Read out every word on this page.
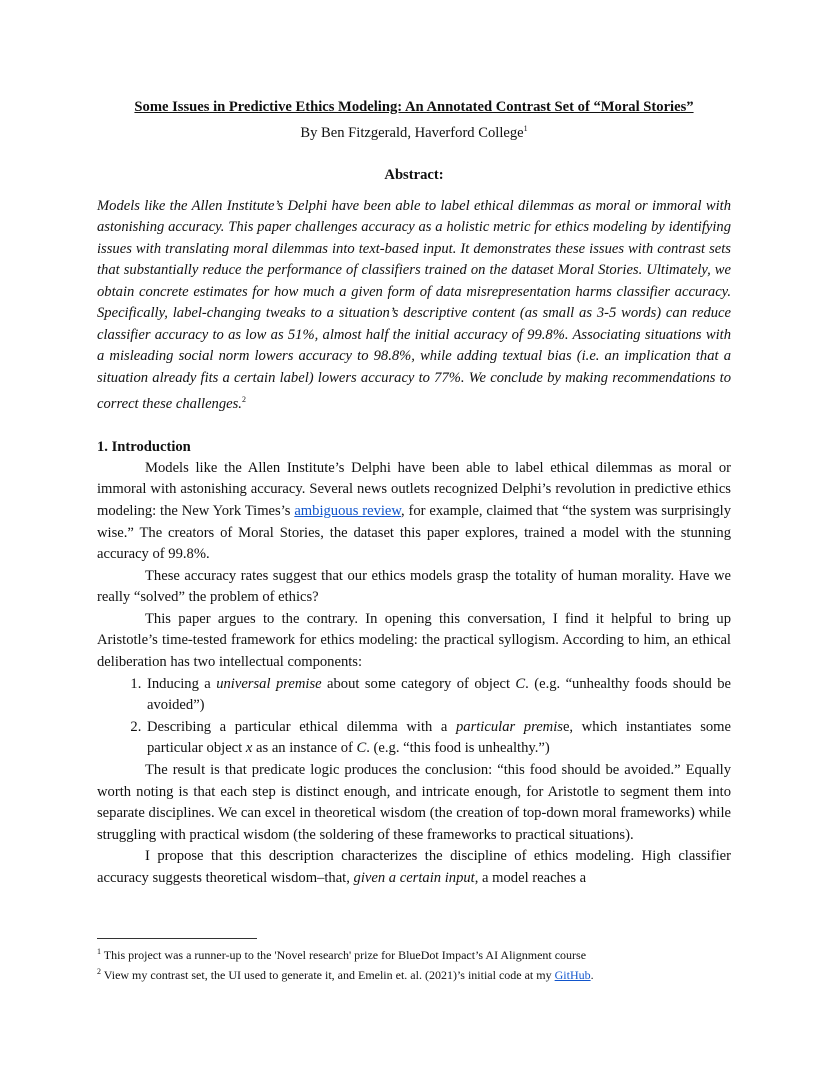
Some Issues in Predictive Ethics Modeling: An Annotated Contrast Set of “Moral Stories”

By Ben Fitzgerald, Haverford College$^1$

Abstract:

Models like the Allen Institute’s Delphi have been able to label ethical dilemmas as moral or immoral with astonishing accuracy. This paper challenges accuracy as a holistic metric for ethics modeling by identifying issues with translating moral dilemmas into text-based input. It demonstrates these issues with contrast sets that substantially reduce the performance of classifiers trained on the dataset Moral Stories. Ultimately, we obtain concrete estimates for how much a given form of data misrepresentation harms classifier accuracy. Specifically, label-changing tweaks to a situation’s descriptive content (as small as 3-5 words) can reduce classifier accuracy to as low as 51%, almost half the initial accuracy of 99.8%. Associating situations with a misleading social norm lowers accuracy to 98.8%, while adding textual bias (i.e. an implication that a situation already fits a certain label) lowers accuracy to 77%. We conclude by making recommendations to correct these challenges.$^2$

1. Introduction

Models like the Allen Institute’s Delphi have been able to label ethical dilemmas as moral or immoral with astonishing accuracy. Several news outlets recognized Delphi’s revolution in predictive ethics modeling: the New York Times’s ambiguous review, for example, claimed that “the system was surprisingly wise.” The creators of Moral Stories, the dataset this paper explores, trained a model with the stunning accuracy of 99.8%.

These accuracy rates suggest that our ethics models grasp the totality of human morality. Have we really “solved” the problem of ethics?

This paper argues to the contrary. In opening this conversation, I find it helpful to bring up Aristotle’s time-tested framework for ethics modeling: the practical syllogism. According to him, an ethical deliberation has two intellectual components:

1. Inducing a universal premise about some category of object C. (e.g. “unhealthy foods should be avoided”)
2. Describing a particular ethical dilemma with a particular premise, which instantiates some particular object x as an instance of C. (e.g. “this food is unhealthy.”)

The result is that predicate logic produces the conclusion: “this food should be avoided.” Equally worth noting is that each step is distinct enough, and intricate enough, for Aristotle to segment them into separate disciplines. We can excel in theoretical wisdom (the creation of top-down moral frameworks) while struggling with practical wisdom (the soldering of these frameworks to practical situations).

I propose that this description characterizes the discipline of ethics modeling. High classifier accuracy suggests theoretical wisdom–that, given a certain input, a model reaches a

$^1$ This project was a runner-up to the 'Novel research' prize for BlueDot Impact’s AI Alignment course

$^2$ View my contrast set, the UI used to generate it, and Emelin et. al. (2021)’s initial code at my GitHub.
